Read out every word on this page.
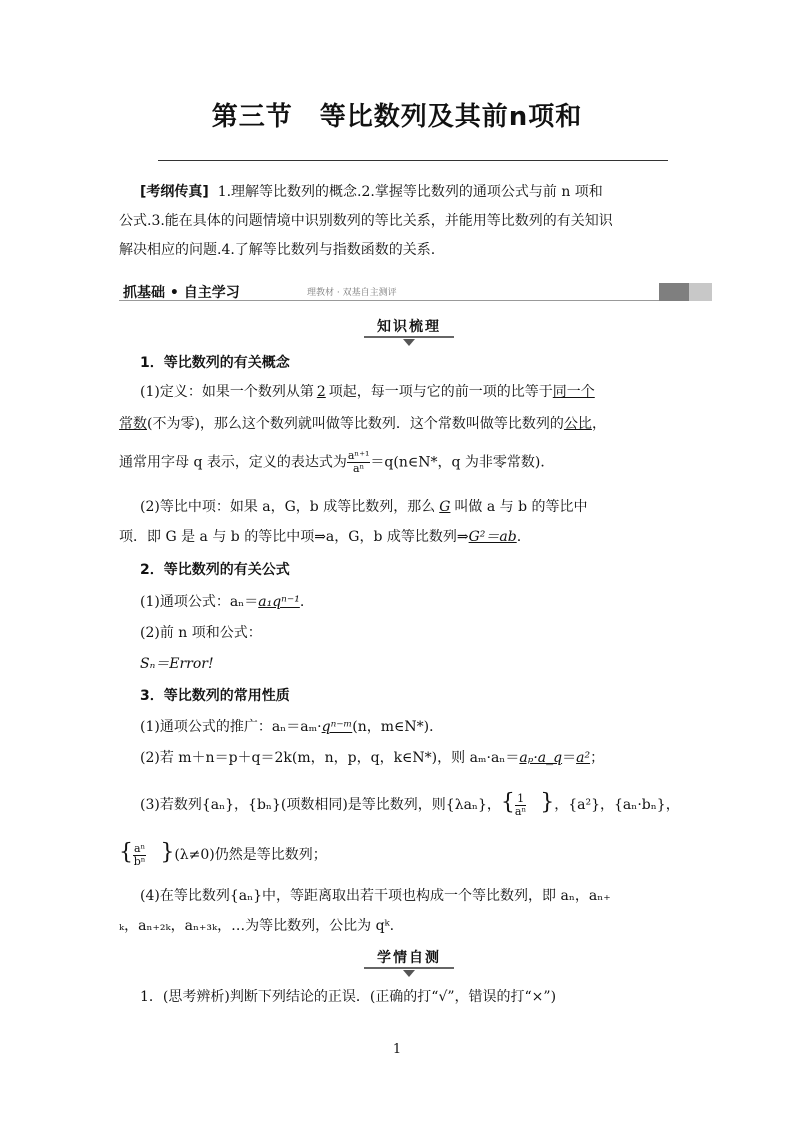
第三节　等比数列及其前n项和
[考纲传真] 1.理解等比数列的概念.2.掌握等比数列的通项公式与前 n 项和
公式.3.能在具体的问题情境中识别数列的等比关系，并能用等比数列的有关知识
解决相应的问题.4.了解等比数列与指数函数的关系.
抓基础 • 自主学习	理教材 · 双基自主测评
知识梳理
1．等比数列的有关概念
(1)定义：如果一个数列从第 2 项起，每一项与它的前一项的比等于同一个
常数(不为零)，那么这个数列就叫做等比数列．这个常数叫做等比数列的公比，
通常用字母 q 表示，定义的表达式为 $\frac{\text{aⁿ⁺¹}}{\text{aⁿ}}$ ＝q(n∈N*，q 为非零常数)．
(2)等比中项：如果 a，G，b 成等比数列，那么 G 叫做 a 与 b 的等比中
项．即 G 是 a 与 b 的等比中项⇒a，G，b 成等比数列⇒G²＝ab.
2．等比数列的有关公式
(1)通项公式：aₙ＝a₁qⁿ⁻¹.
(2)前 n 项和公式：
Sₙ＝Error!
3．等比数列的常用性质
(1)通项公式的推广：aₙ＝aₘ·qⁿ⁻ᵐ(n，m∈N*)．
(2)若 m＋n＝p＋q＝2k(m，n，p，q，k∈N*)，则 aₘ·aₙ＝aₚ·a_q＝a²；
(3)若数列{aₙ}，{bₙ}(项数相同)是等比数列，则{λaₙ}，{ $\frac{1}{\text{aⁿ}}$ }，{a²}，{aₙ·bₙ}，
{ $\frac{\text{aⁿ}}{\text{bⁿ}} \}(\lambda\ne 0)$仍然是等比数列；
(4)在等比数列{aₙ}中，等距离取出若干项也构成一个等比数列，即 aₙ，aₙ₊
ₖ，aₙ₊₂ₖ，aₙ₊₃ₖ，…为等比数列，公比为 qᵏ.
学情自测
1．(思考辨析)判断下列结论的正误．(正确的打“√”，错误的打“×”)
1
